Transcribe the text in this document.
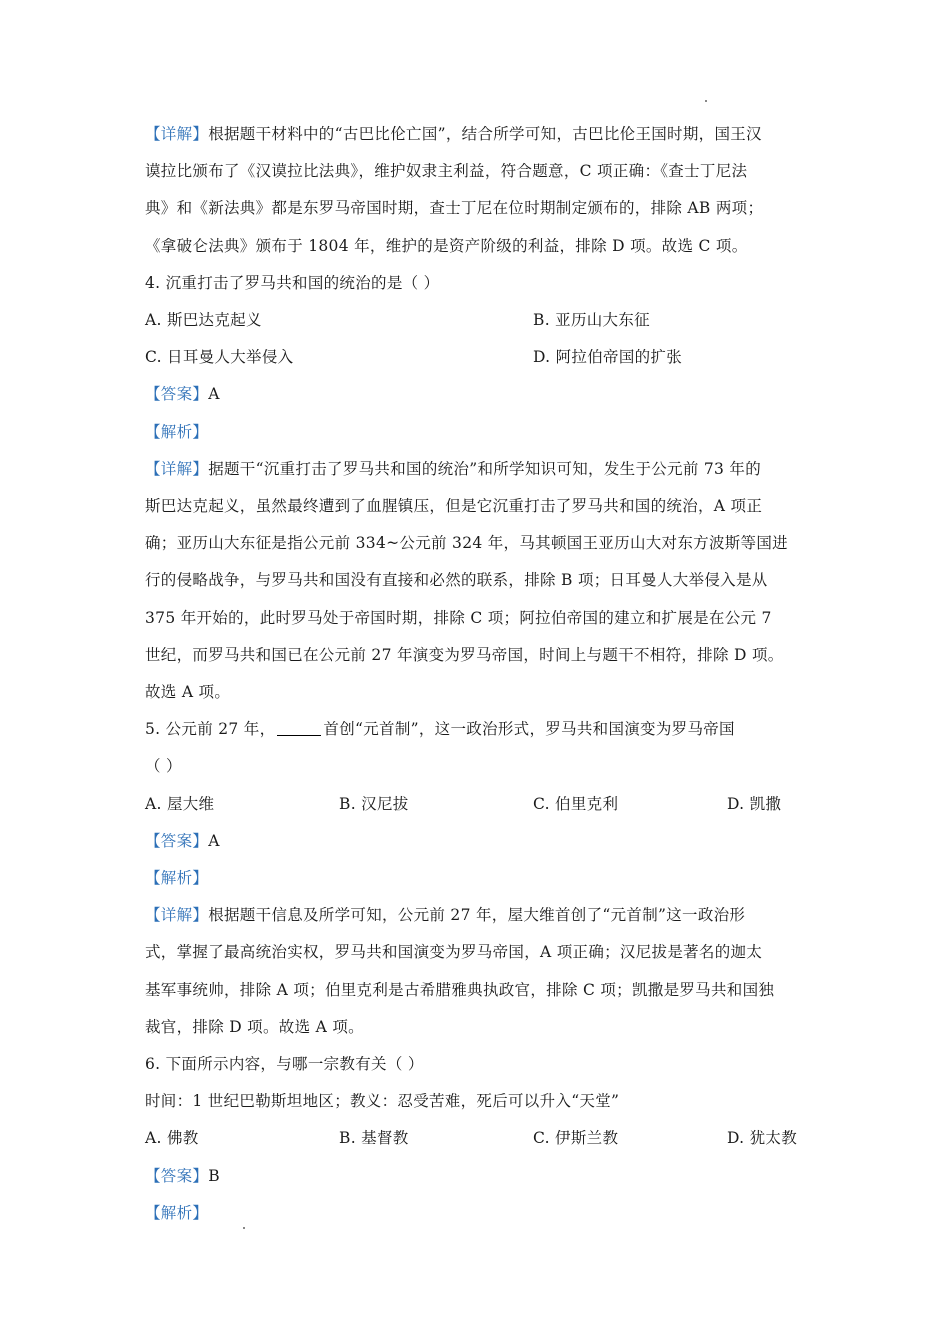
【详解】根据题干材料中的“古巴比伦亡国”，结合所学可知，古巴比伦王国时期，国王汉
谟拉比颁布了《汉谟拉比法典》，维护奴隶主利益，符合题意，C 项正确：《查士丁尼法
典》和《新法典》都是东罗马帝国时期，查士丁尼在位时期制定颁布的，排除 AB 两项；
《拿破仑法典》颁布于 1804 年，维护的是资产阶级的利益，排除 D 项。故选 C 项。
4. 沉重打击了罗马共和国的统治的是（ ）
A. 斯巴达克起义	B. 亚历山大东征
C. 日耳曼人大举侵入	D. 阿拉伯帝国的扩张
【答案】A
【解析】
【详解】据题干“沉重打击了罗马共和国的统治”和所学知识可知，发生于公元前 73 年的
斯巴达克起义，虽然最终遭到了血腥镇压，但是它沉重打击了罗马共和国的统治，A 项正
确；亚历山大东征是指公元前 334~公元前 324 年，马其顿国王亚历山大对东方波斯等国进
行的侵略战争，与罗马共和国没有直接和必然的联系，排除 B 项；日耳曼人大举侵入是从
375 年开始的，此时罗马处于帝国时期，排除 C 项；阿拉伯帝国的建立和扩展是在公元 7
世纪，而罗马共和国已在公元前 27 年演变为罗马帝国，时间上与题干不相符，排除 D 项。
故选 A 项。
5. 公元前 27 年，	首创“元首制”，这一政治形式，罗马共和国演变为罗马帝国
（ ）
A. 屋大维	B. 汉尼拔	C. 伯里克利	D. 凯撒
【答案】A
【解析】
【详解】根据题干信息及所学可知，公元前 27 年，屋大维首创了“元首制”这一政治形
式，掌握了最高统治实权，罗马共和国演变为罗马帝国，A 项正确；汉尼拔是著名的迦太
基军事统帅，排除 A 项；伯里克利是古希腊雅典执政官，排除 C 项；凯撒是罗马共和国独
裁官，排除 D 项。故选 A 项。
6. 下面所示内容，与哪一宗教有关（ ）
时间：1 世纪巴勒斯坦地区；教义：忍受苦难，死后可以升入“天堂”
A. 佛教	B. 基督教	C. 伊斯兰教	D. 犹太教
【答案】B
【解析】
